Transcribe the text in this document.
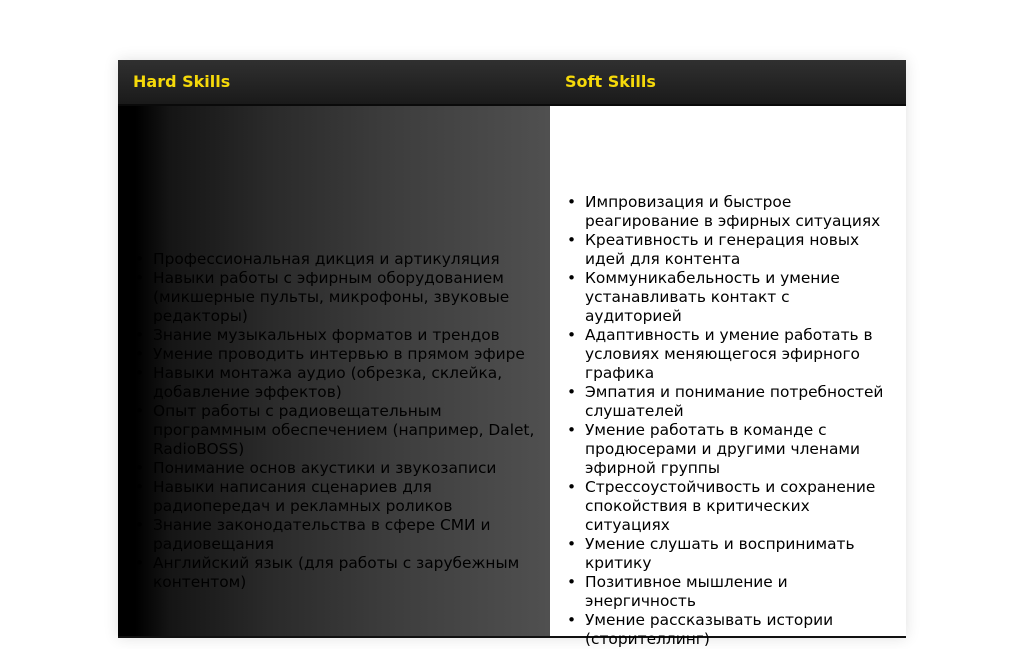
Hard Skills	Soft Skills
• Профессиональная дикция и артикуляция
• Навыки работы с эфирным оборудованием (микшерные пульты, микрофоны, звуковые редакторы)
• Знание музыкальных форматов и трендов
• Умение проводить интервью в прямом эфире
• Навыки монтажа аудио (обрезка, склейка, добавление эффектов)
• Опыт работы с радиовещательным программным обеспечением (например, Dalet, RadioBOSS)
• Понимание основ акустики и звукозаписи
• Навыки написания сценариев для радиопередач и рекламных роликов
• Знание законодательства в сфере СМИ и радиовещания
• Английский язык (для работы с зарубежным контентом)
• Импровизация и быстрое реагирование в эфирных ситуациях
• Креативность и генерация новых идей для контента
• Коммуникабельность и умение устанавливать контакт с аудиторией
• Адаптивность и умение работать в условиях меняющегося эфирного графика
• Эмпатия и понимание потребностей слушателей
• Умение работать в команде с продюсерами и другими членами эфирной группы
• Стрессоустойчивость и сохранение спокойствия в критических ситуациях
• Умение слушать и воспринимать критику
• Позитивное мышление и энергичность
• Умение рассказывать истории (сторителлинг)
